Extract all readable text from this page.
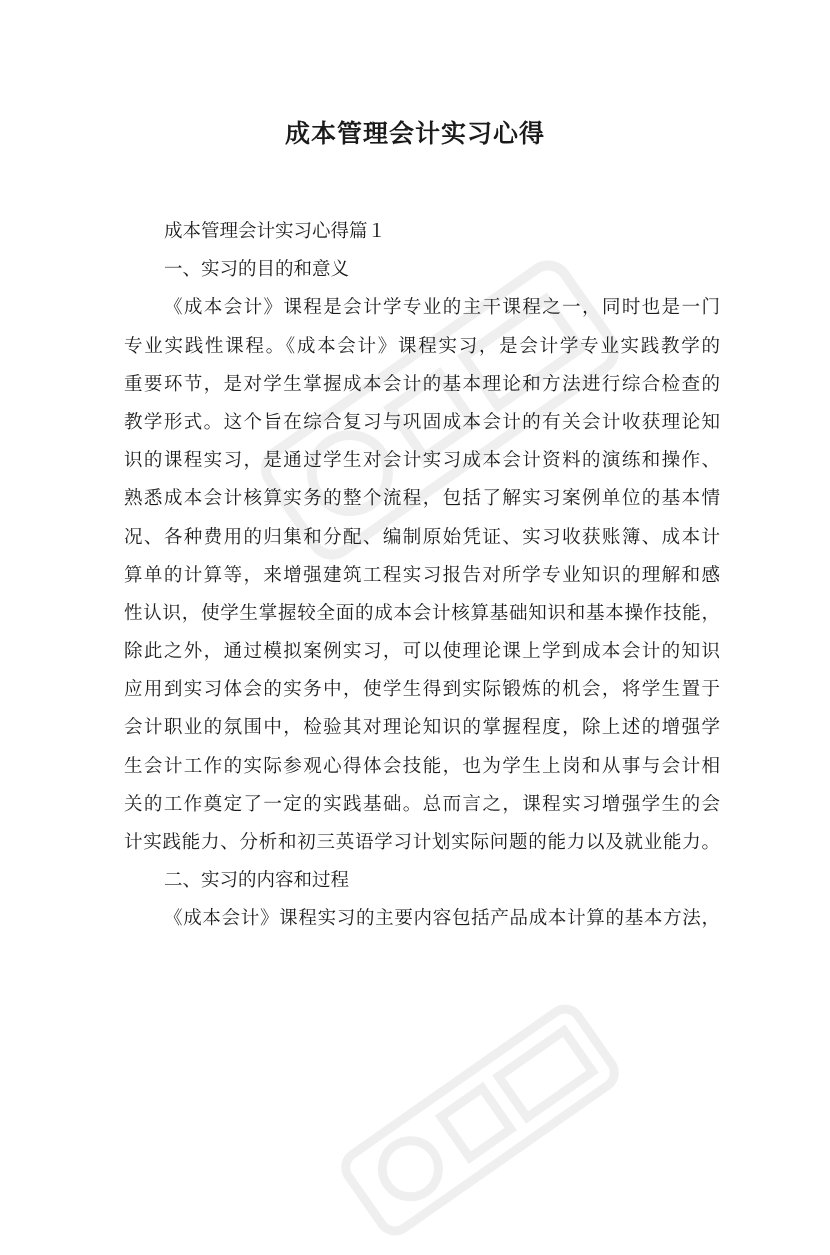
成本管理会计实习心得
成本管理会计实习心得篇１
一、实习的目的和意义
《成本会计》课程是会计学专业的主干课程之一，同时也是一门
专业实践性课程。《成本会计》课程实习，是会计学专业实践教学的
重要环节，是对学生掌握成本会计的基本理论和方法进行综合检查的
教学形式。这个旨在综合复习与巩固成本会计的有关会计收获理论知
识的课程实习，是通过学生对会计实习成本会计资料的演练和操作、
熟悉成本会计核算实务的整个流程，包括了解实习案例单位的基本情
况、各种费用的归集和分配、编制原始凭证、实习收获账簿、成本计
算单的计算等，来增强建筑工程实习报告对所学专业知识的理解和感
性认识，使学生掌握较全面的成本会计核算基础知识和基本操作技能，
除此之外，通过模拟案例实习，可以使理论课上学到成本会计的知识
应用到实习体会的实务中，使学生得到实际锻炼的机会，将学生置于
会计职业的氛围中，检验其对理论知识的掌握程度，除上述的增强学
生会计工作的实际参观心得体会技能，也为学生上岗和从事与会计相
关的工作奠定了一定的实践基础。总而言之，课程实习增强学生的会
计实践能力、分析和初三英语学习计划实际问题的能力以及就业能力。
二、实习的内容和过程
《成本会计》课程实习的主要内容包括产品成本计算的基本方法，
